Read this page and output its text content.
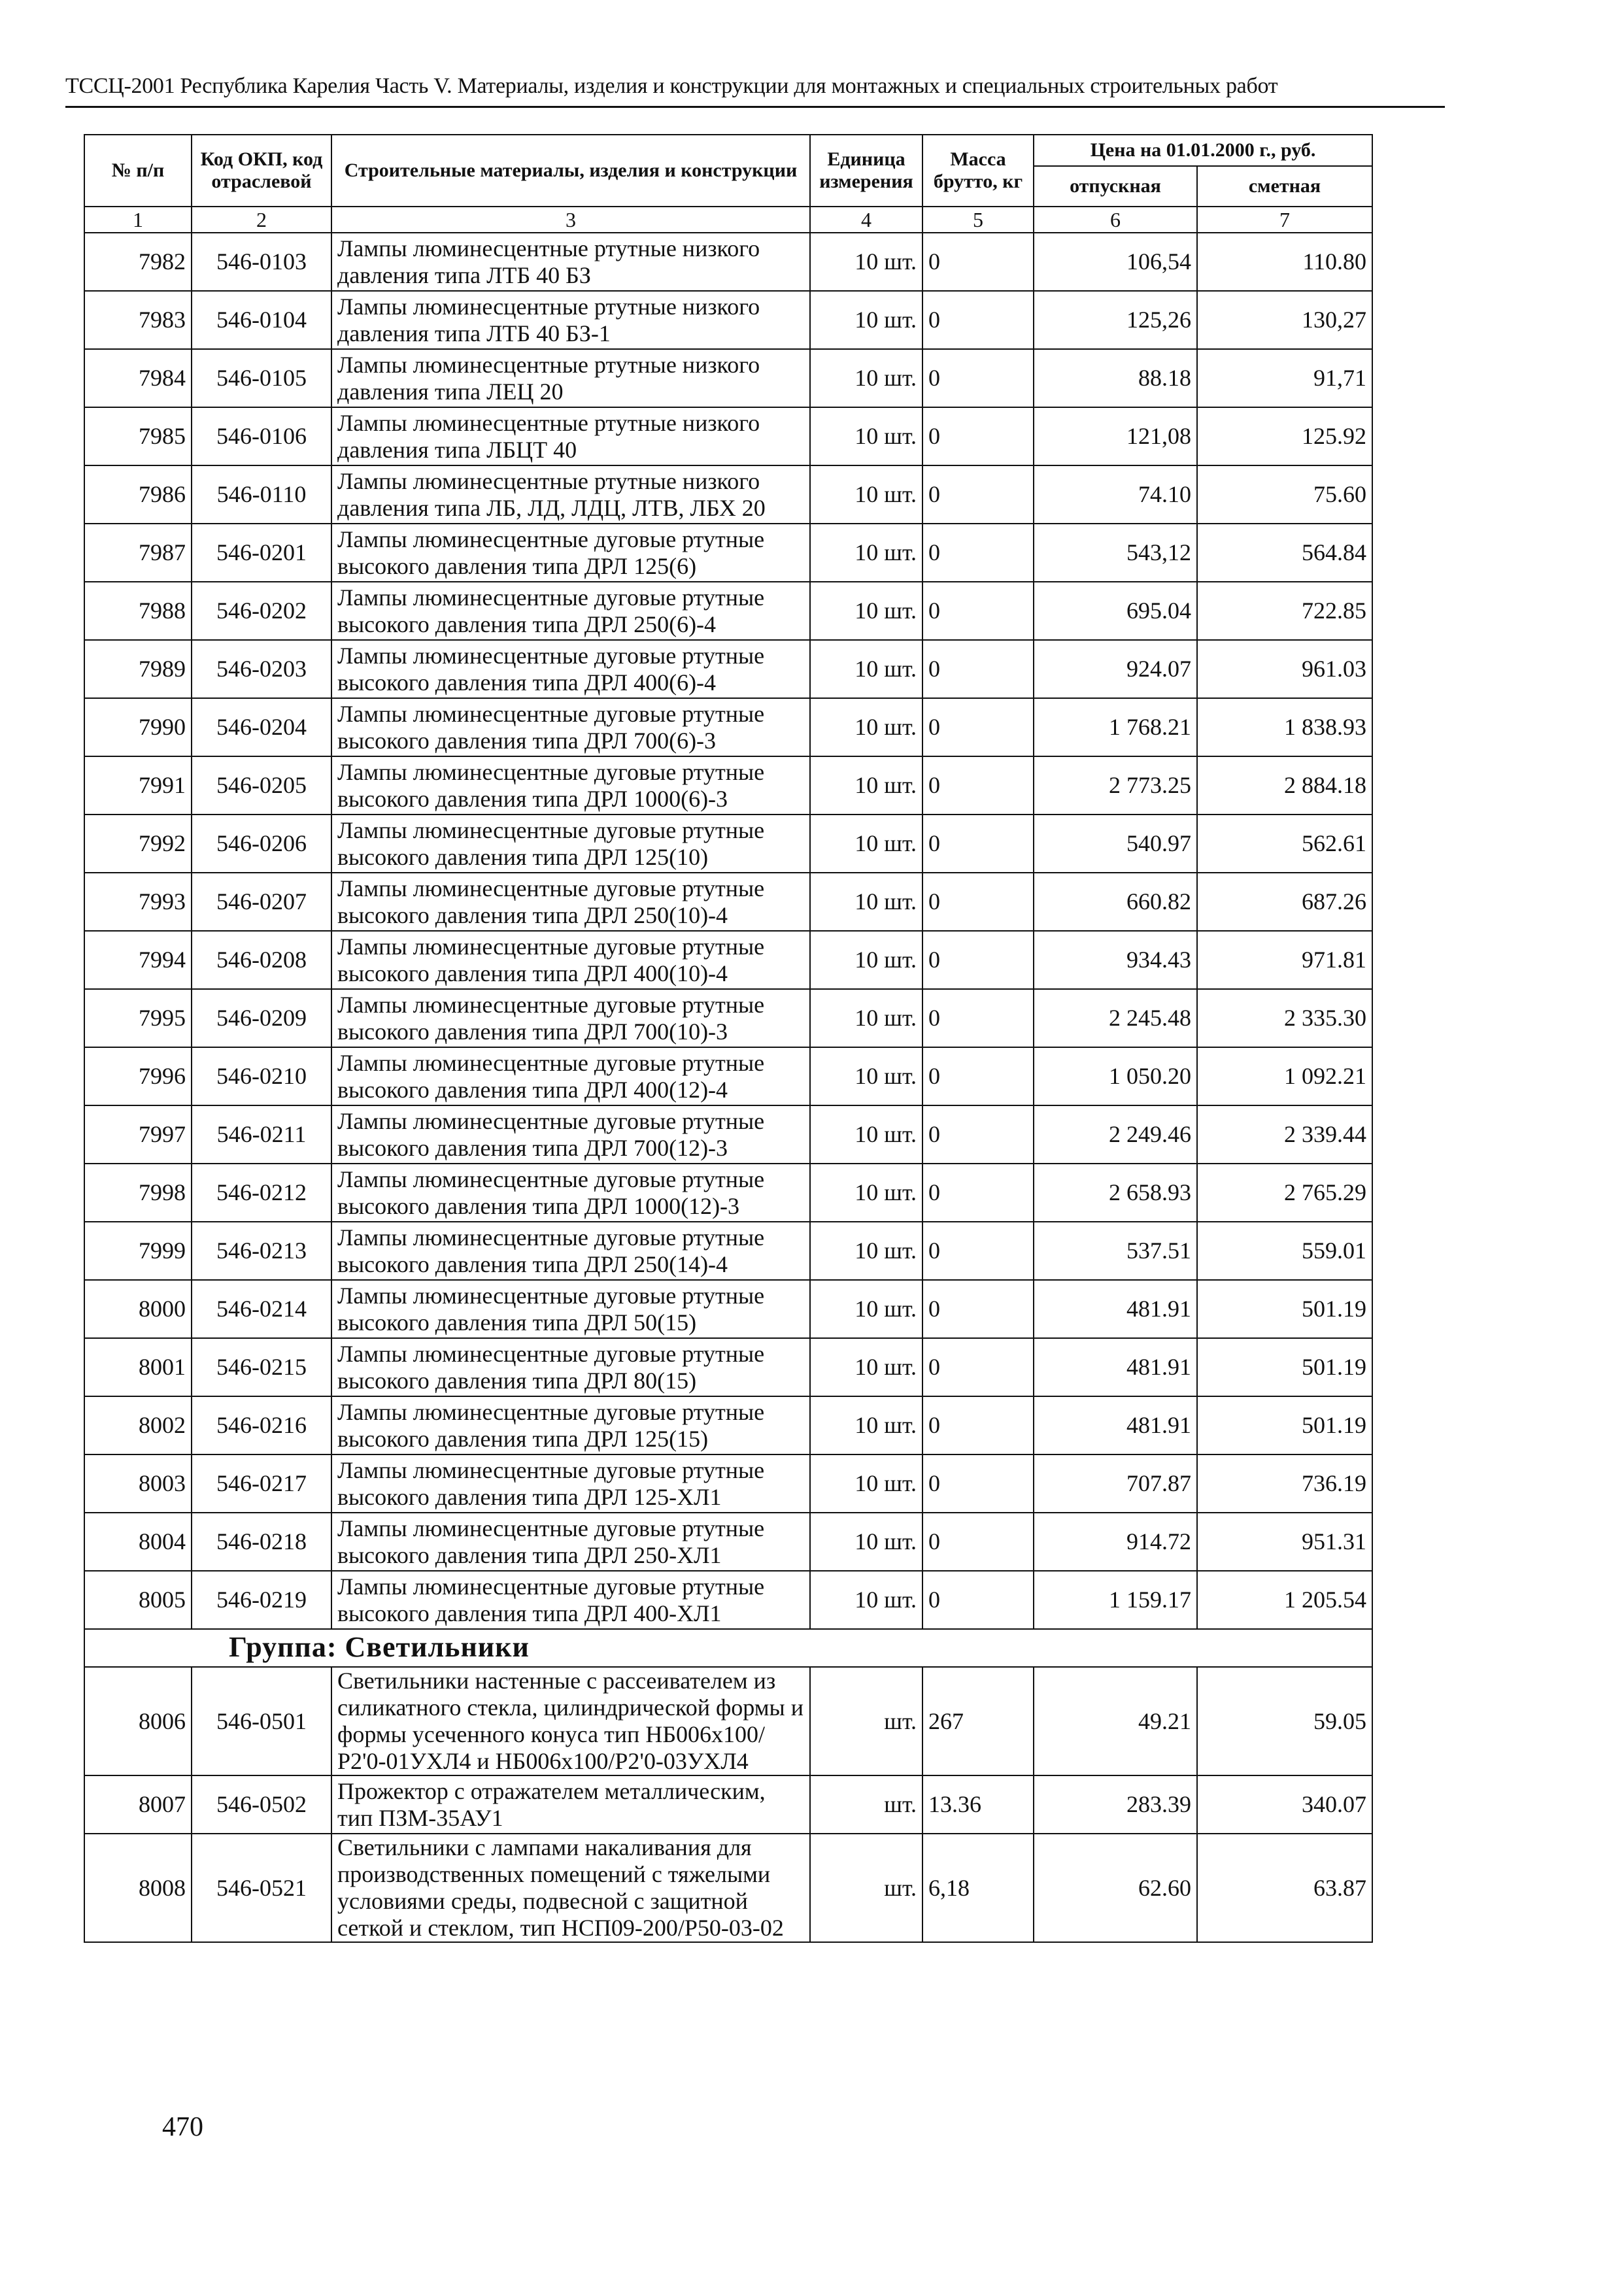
ТССЦ-2001 Республика Карелия Часть V. Материалы, изделия и конструкции для монтажных и специальных строительных работ
№ п/п	Код ОКП, код отраслевой	Строительные материалы, изделия и конструкции	Единица измерения	Масса брутто, кг	Цена на 01.01.2000 г., руб.	
					отпускная	сметная
1	2	3	4	5	6	7
7982	546-0103	Лампы люминесцентные ртутные низкого давления типа ЛТБ 40 БЗ	10 шт.	0	106,54	110.80
7983	546-0104	Лампы люминесцентные ртутные низкого давления типа ЛТБ 40 БЗ-1	10 шт.	0	125,26	130,27
7984	546-0105	Лампы люминесцентные ртутные низкого давления типа ЛЕЦ 20	10 шт.	0	88.18	91,71
7985	546-0106	Лампы люминесцентные ртутные низкого давления типа ЛБЦТ 40	10 шт.	0	121,08	125.92
7986	546-0110	Лампы люминесцентные ртутные низкого давления типа ЛБ, ЛД, ЛДЦ, ЛТВ, ЛБХ 20	10 шт.	0	74.10	75.60
7987	546-0201	Лампы люминесцентные дуговые ртутные высокого давления типа ДРЛ 125(6)	10 шт.	0	543,12	564.84
7988	546-0202	Лампы люминесцентные дуговые ртутные высокого давления типа ДРЛ 250(6)-4	10 шт.	0	695.04	722.85
7989	546-0203	Лампы люминесцентные дуговые ртутные высокого давления типа ДРЛ 400(6)-4	10 шт.	0	924.07	961.03
7990	546-0204	Лампы люминесцентные дуговые ртутные высокого давления типа ДРЛ 700(6)-3	10 шт.	0	1 768.21	1 838.93
7991	546-0205	Лампы люминесцентные дуговые ртутные высокого давления типа ДРЛ 1000(6)-3	10 шт.	0	2 773.25	2 884.18
7992	546-0206	Лампы люминесцентные дуговые ртутные высокого давления типа ДРЛ 125(10)	10 шт.	0	540.97	562.61
7993	546-0207	Лампы люминесцентные дуговые ртутные высокого давления типа ДРЛ 250(10)-4	10 шт.	0	660.82	687.26
7994	546-0208	Лампы люминесцентные дуговые ртутные высокого давления типа ДРЛ 400(10)-4	10 шт.	0	934.43	971.81
7995	546-0209	Лампы люминесцентные дуговые ртутные высокого давления типа ДРЛ 700(10)-3	10 шт.	0	2 245.48	2 335.30
7996	546-0210	Лампы люминесцентные дуговые ртутные высокого давления типа ДРЛ 400(12)-4	10 шт.	0	1 050.20	1 092.21
7997	546-0211	Лампы люминесцентные дуговые ртутные высокого давления типа ДРЛ 700(12)-3	10 шт.	0	2 249.46	2 339.44
7998	546-0212	Лампы люминесцентные дуговые ртутные высокого давления типа ДРЛ 1000(12)-3	10 шт.	0	2 658.93	2 765.29
7999	546-0213	Лампы люминесцентные дуговые ртутные высокого давления типа ДРЛ 250(14)-4	10 шт.	0	537.51	559.01
8000	546-0214	Лампы люминесцентные дуговые ртутные высокого давления типа ДРЛ 50(15)	10 шт.	0	481.91	501.19
8001	546-0215	Лампы люминесцентные дуговые ртутные высокого давления типа ДРЛ 80(15)	10 шт.	0	481.91	501.19
8002	546-0216	Лампы люминесцентные дуговые ртутные высокого давления типа ДРЛ 125(15)	10 шт.	0	481.91	501.19
8003	546-0217	Лампы люминесцентные дуговые ртутные высокого давления типа ДРЛ 125-ХЛ1	10 шт.	0	707.87	736.19
8004	546-0218	Лампы люминесцентные дуговые ртутные высокого давления типа ДРЛ 250-ХЛ1	10 шт.	0	914.72	951.31
8005	546-0219	Лампы люминесцентные дуговые ртутные высокого давления типа ДРЛ 400-ХЛ1	10 шт.	0	1 159.17	1 205.54
Группа: Светильники						
8006	546-0501	Светильники настенные с рассеивателем из силикатного стекла, цилиндрической формы и формы усеченного конуса тип НБ006х100/Р2'0-01УХЛ4 и НБ006х100/Р2'0-03УХЛ4	шт.	267	49.21	59.05
8007	546-0502	Прожектор с отражателем металлическим, тип ПЗМ-35АУ1	шт.	13.36	283.39	340.07
8008	546-0521	Светильники с лампами накаливания для производственных помещений с тяжелыми условиями среды, подвесной с защитной сеткой и стеклом, тип НСП09-200/Р50-03-02	шт.	6,18	62.60	63.87
470
